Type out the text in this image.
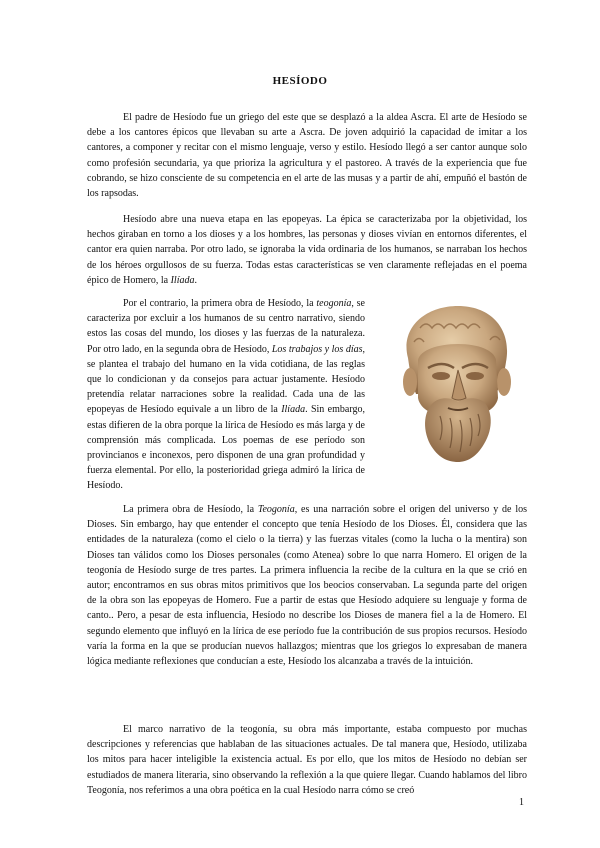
HESÍODO

El padre de Hesíodo fue un griego del este que se desplazó a la aldea Ascra. El arte de Hesíodo se debe a los cantores épicos que llevaban su arte a Ascra. De joven adquirió la capacidad de imitar a los cantores, a componer y recitar con el mismo lenguaje, verso y estilo. Hesíodo llegó a ser cantor aunque solo como profesión secundaria, ya que prioriza la agricultura y el pastoreo. A través de la experiencia que fue cobrando, se hizo consciente de su competencia en el arte de las musas y a partir de ahí, empuñó el bastón de los rapsodas.

Hesíodo abre una nueva etapa en las epopeyas. La épica se caracterizaba por la objetividad, los hechos giraban en torno a los dioses y a los hombres, las personas y dioses vivían en entornos diferentes, el cantor era quien narraba. Por otro lado, se ignoraba la vida ordinaria de los humanos, se narraban los hechos de los héroes orgullosos de su fuerza. Todas estas características se ven claramente reflejadas en el poema épico de Homero, la Ilíada.

Por el contrario, la primera obra de Hesíodo, la teogonía, se caracteriza por excluir a los humanos de su centro narrativo, siendo estos las cosas del mundo, los dioses y las fuerzas de la naturaleza. Por otro lado, en la segunda obra de Hesíodo, Los trabajos y los días, se plantea el trabajo del humano en la vida cotidiana, de las reglas que lo condicionan y da consejos para actuar justamente. Hesíodo pretendía relatar narraciones sobre la realidad. Cada una de las epopeyas de Hesíodo equivale a un libro de la Ilíada. Sin embargo, estas difieren de la obra porque la lírica de Hesíodo es más larga y de comprensión más complicada. Los poemas de ese período son provincianos e inconexos, pero disponen de una gran profundidad y fuerza elemental. Por ello, la posterioridad griega admiró la lírica de Hesíodo.

La primera obra de Hesíodo, la Teogonía, es una narración sobre el origen del universo y de los Dioses. Sin embargo, hay que entender el concepto que tenía Hesíodo de los Dioses. Él, considera que las entidades de la naturaleza (como el cielo o la tierra) y las fuerzas vitales (como la lucha o la mentira) son Dioses tan válidos como los Dioses personales (como Atenea) sobre lo que narra Homero. El origen de la teogonía de Hesíodo surge de tres partes. La primera influencia la recibe de la cultura en la que se crió en autor; encontramos en sus obras mitos primitivos que los beocios conservaban. La segunda parte del origen de la obra son las epopeyas de Homero. Fue a partir de estas que Hesíodo adquiere su lenguaje y forma de canto.. Pero, a pesar de esta influencia, Hesíodo no describe los Dioses de manera fiel a la de Homero. El segundo elemento que influyó en la lírica de ese período fue la contribución de sus propios recursos. Hesíodo varía la forma en la que se producían nuevos hallazgos; mientras que los griegos lo expresaban de manera lógica mediante reflexiones que conducían a este, Hesíodo los alcanzaba a través de la intuición.

El marco narrativo de la teogonía, su obra más importante, estaba compuesto por muchas descripciones y referencias que hablaban de las situaciones actuales. De tal manera que, Hesíodo, utilizaba los mitos para hacer inteligible la existencia actual. Es por ello, que los mitos de Hesíodo no debían ser estudiados de manera literaria, sino observando la reflexión a la que quiere llegar. Cuando hablamos del libro Teogonía, nos referimos a una obra poética en la cual Hesíodo narra cómo se creó

1
